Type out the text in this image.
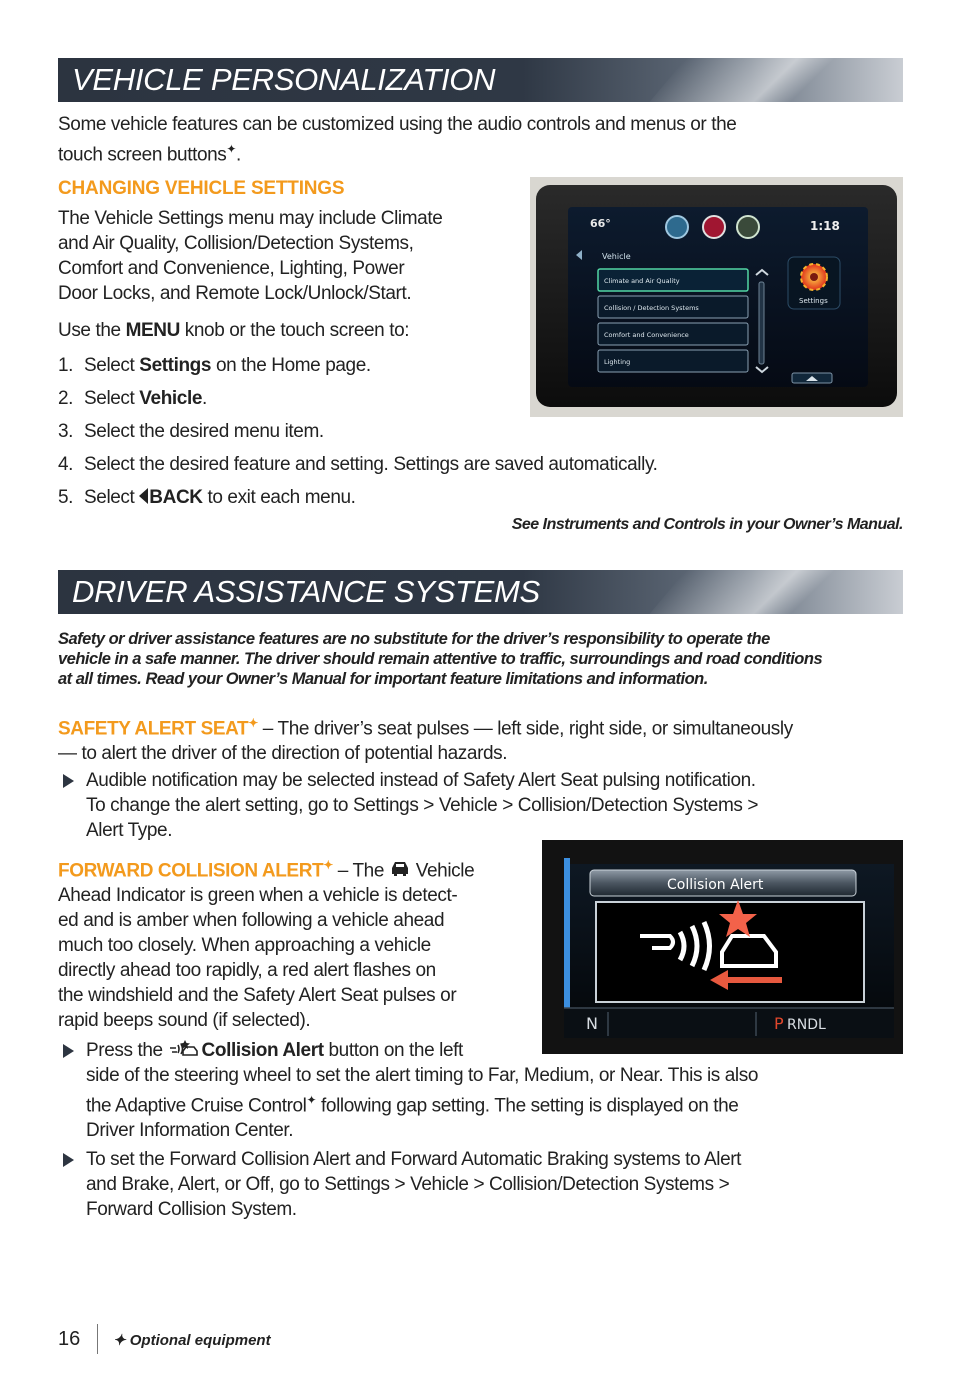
VEHICLE PERSONALIZATION
Some vehicle features can be customized using the audio controls and menus or the
touch screen buttons✦.
CHANGING VEHICLE SETTINGS
The Vehicle Settings menu may include Climate
and Air Quality, Collision/Detection Systems,
Comfort and Convenience, Lighting, Power
Door Locks, and Remote Lock/Unlock/Start.
Use the MENU knob or the touch screen to:
1. Select Settings on the Home page.
2. Select Vehicle.
3. Select the desired menu item.
4. Select the desired feature and setting. Settings are saved automatically.
5. Select BACK to exit each menu.
See Instruments and Controls in your Owner’s Manual.
66°	1:18
Vehicle
Climate and Air Quality
Collision / Detection Systems
Comfort and Convenience
Lighting
Settings
DRIVER ASSISTANCE SYSTEMS
Safety or driver assistance features are no substitute for the driver’s responsibility to operate the
vehicle in a safe manner. The driver should remain attentive to traffic, surroundings and road conditions
at all times. Read your Owner’s Manual for important feature limitations and information.
SAFETY ALERT SEAT✦ – The driver’s seat pulses — left side, right side, or simultaneously
— to alert the driver of the direction of potential hazards.
Audible notification may be selected instead of Safety Alert Seat pulsing notification.
To change the alert setting, go to Settings > Vehicle > Collision/Detection Systems >
Alert Type.
FORWARD COLLISION ALERT✦ – The  Vehicle
Ahead Indicator is green when a vehicle is detect-
ed and is amber when following a vehicle ahead
much too closely. When approaching a vehicle
directly ahead too rapidly, a red alert flashes on
the windshield and the Safety Alert Seat pulses or
rapid beeps sound (if selected).
Press the Collision Alert button on the left
side of the steering wheel to set the alert timing to Far, Medium, or Near. This is also
the Adaptive Cruise Control✦ following gap setting. The setting is displayed on the
Driver Information Center.
To set the Forward Collision Alert and Forward Automatic Braking systems to Alert
and Brake, Alert, or Off, go to Settings > Vehicle > Collision/Detection Systems >
Forward Collision System.
Collision Alert
N	P RNDL
16 ✦ Optional equipment
